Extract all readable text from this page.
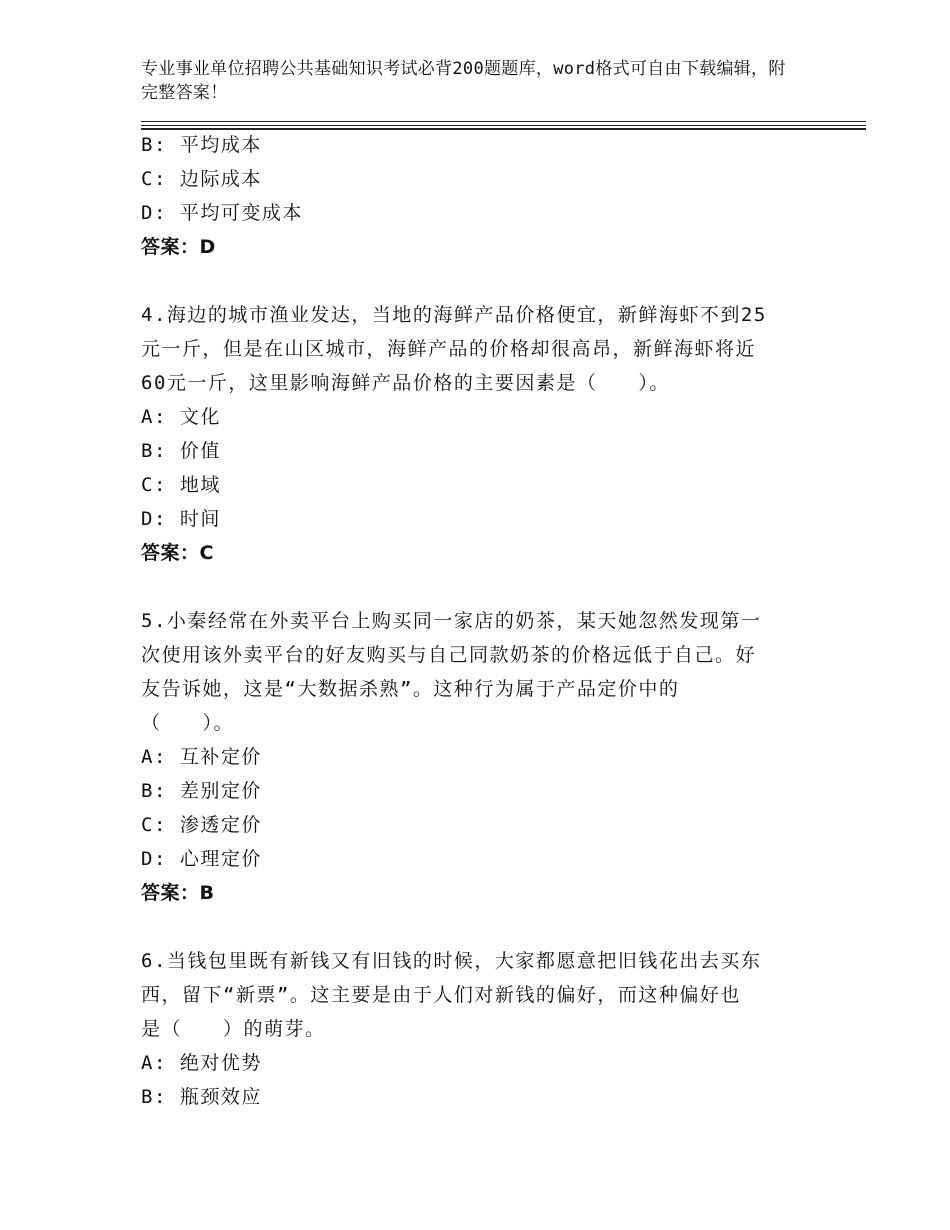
专业事业单位招聘公共基础知识考试必背200题题库，word格式可自由下载编辑，附完整答案！
B: 平均成本
C: 边际成本
D: 平均可变成本
答案：D
4.海边的城市渔业发达，当地的海鲜产品价格便宜，新鲜海虾不到25
元一斤，但是在山区城市，海鲜产品的价格却很高昂，新鲜海虾将近
60元一斤，这里影响海鲜产品价格的主要因素是（　　）。
A: 文化
B: 价值
C: 地域
D: 时间
答案：C
5.小秦经常在外卖平台上购买同一家店的奶茶，某天她忽然发现第一
次使用该外卖平台的好友购买与自己同款奶茶的价格远低于自己。好
友告诉她，这是“大数据杀熟”。这种行为属于产品定价中的
（　　）。
A: 互补定价
B: 差别定价
C: 渗透定价
D: 心理定价
答案：B
6.当钱包里既有新钱又有旧钱的时候，大家都愿意把旧钱花出去买东
西，留下“新票”。这主要是由于人们对新钱的偏好，而这种偏好也
是（　　）的萌芽。
A: 绝对优势
B: 瓶颈效应
